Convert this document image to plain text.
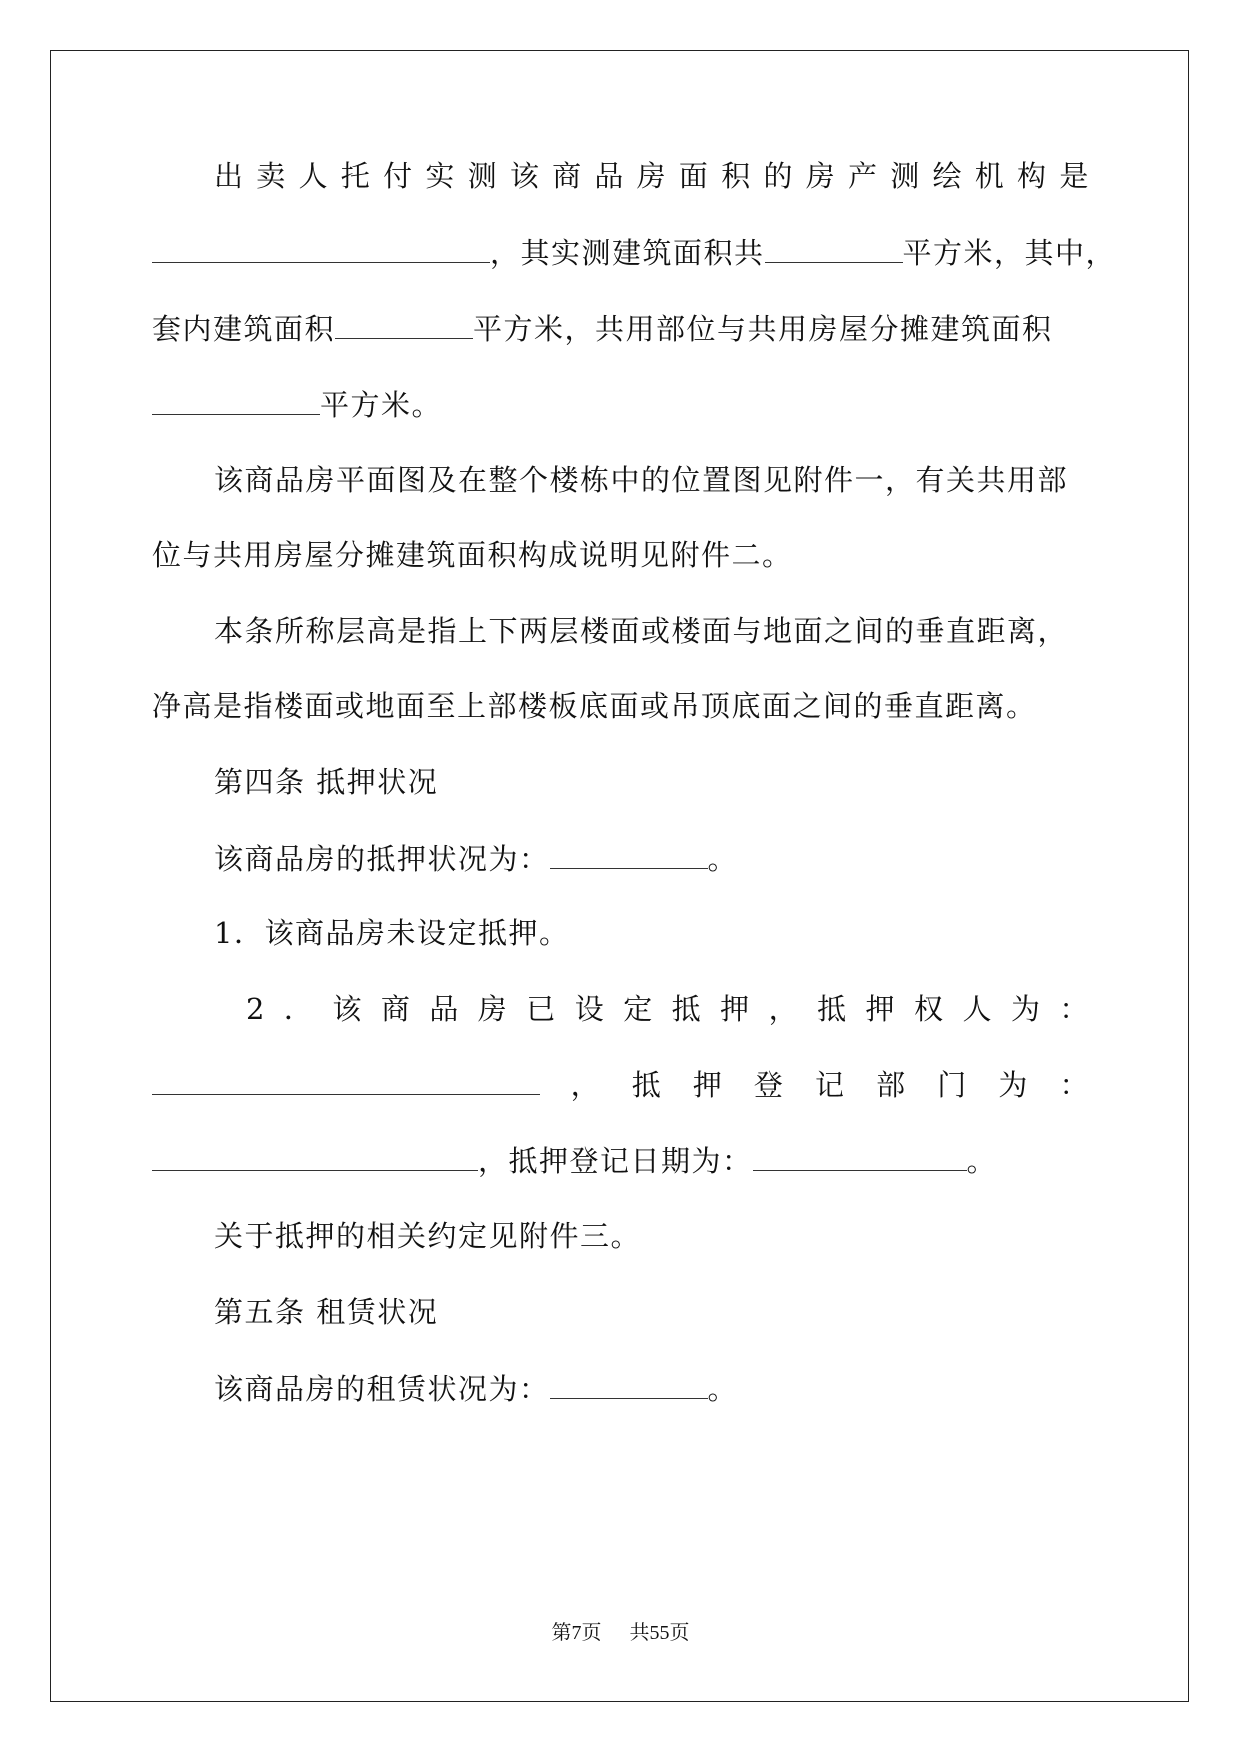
出 卖 人 托 付 实 测 该 商 品 房 面 积 的 房 产 测 绘 机 构 是
，其实测建筑面积共	平方米，其中，
套内建筑面积	平方米，共用部位与共用房屋分摊建筑面积
平方米。
该商品房平面图及在整个楼栋中的位置图见附件一，有关共用部
位与共用房屋分摊建筑面积构成说明见附件二。
本条所称层高是指上下两层楼面或楼面与地面之间的垂直距离，
净高是指楼面或地面至上部楼板底面或吊顶底面之间的垂直距离。
第四条 抵押状况
该商品房的抵押状况为：	。
1．该商品房未设定抵押。
2 ． 该 商 品 房 已 设 定 抵 押 ， 抵 押 权 人 为 ：
， 抵 押 登 记 部 门 为 ：
，抵押登记日期为：	。
关于抵押的相关约定见附件三。
第五条 租赁状况
该商品房的租赁状况为：	。
第7页 共55页
